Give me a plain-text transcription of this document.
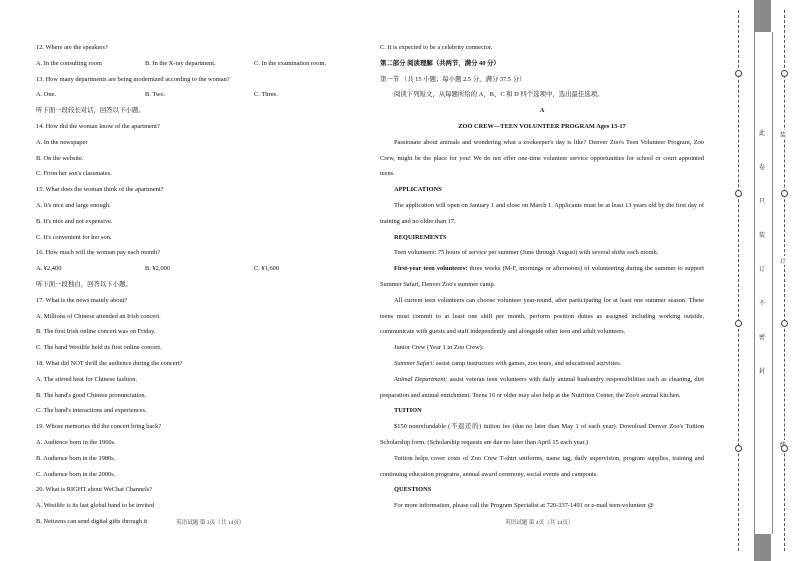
12. Where are the speakers?
A. In the consulting room	B. In the X-ray department.	C. In the examination room.
13. How many departments are being modernized according to the woman?
A. One.	B. Two.	C. Three.
听下面一段较长对话，回答以下小题。
14. How did the woman know of the apartment?
A. In the newspaper
B. On the website.
C. From her son's classmates.
15. What does the woman think of the apartment?
A. It's nice and large enough.
B. It's nice and not expensive.
C. It's convenient for her son.
16. How much will the woman pay each month?
A. ¥2,400	B. ¥2,000	C. ¥1,600
听下面一段独白，回答以下小题。
17. What is the news mainly about?
A. Millions of Chinese attended an Irish concert.
B. The first Irish online concert was on Friday.
C. The band Westlife held its first online concert.
18. What did NOT thrill the audience during the concert?
A. The stirred heat for Chinese fashion.
B. The band's good Chinese pronunciation.
C. The band's interactions and experiences.
19. Whose memories did the concert bring back?
A. Audience born in the 1960s.
B. Audience born in the 1980s.
C. Audience born in the 2000s.
20. What is RIGHT about WeChat Channels?
A. Westlife is its last global band to be invited
B. Netizens can send digital gifts through it
C. It is expected to be a celebrity connector.
第二部分 阅读理解（共两节，满分 40 分）
第一节 （共 15 小题；每小题 2.5 分，满分 37.5 分）
阅读下列短文，从每题所给的 A、B、C 和 D 四个选项中，选出最佳选项。
A
ZOO CREW—TEEN VOLUNTEER PROGRAM Ages 13-17
Passionate about animals and wondering what a zookeeper's day is like? Denver Zoo's Teen Volunteer Program, Zoo Crew, might be the place for you! We do not offer one-time volunteer service opportunities for school or court appointed teens.
APPLICATIONS
The application will open on January 1 and close on March 1. Applicants must be at least 13 years old by the first day of training and no older than 17.
REQUIREMENTS
Teen volunteers: 75 hours of service per summer (June through August) with several shifts each month.
First-year teen volunteers: three weeks (M-F, mornings or afternoons) of volunteering during the summer to support Summer Safari, Denver Zoo's summer camp.
All current teen volunteers can choose volunteer year-round, after participating for at least one summer season. These teens must commit to at least one shift per month, perform position duties as assigned including working outside, communicate with guests and staff independently and alongside other teen and adult volunteers.
Junior Crew (Year 1 in Zoo Crew):
Summer Safari: assist camp instructors with games, zoo tours, and educational activities.
Animal Department: assist veteran teen volunteers with daily animal husbandry responsibilities such as cleaning, diet preparation and animal enrichment. Teens 16 or older may also help at the Nutrition Center, the Zoo's animal kitchen.
TUITION
$150 nonrefundable (不退还的) tuition fee (due no later than May 1 of each year). Download Denver Zoo's Tuition Scholarship form. (Scholarship requests are due no later than April 15 each year.)
Tuition helps cover costs of Zoo Crew T-shirt uniforms, name tag, daily supervision, program supplies, training and continuing education programs, annual award ceremony, social events and campouts.
QUESTIONS
For more information, please call the Program Specialist at 720-337-1491 or e-mail teen-volunteer @
英语试题 第 3页（共 14页）	英语试题 第 4页（共 14页）
此
卷
只
装
订
不
密
封
装
订
